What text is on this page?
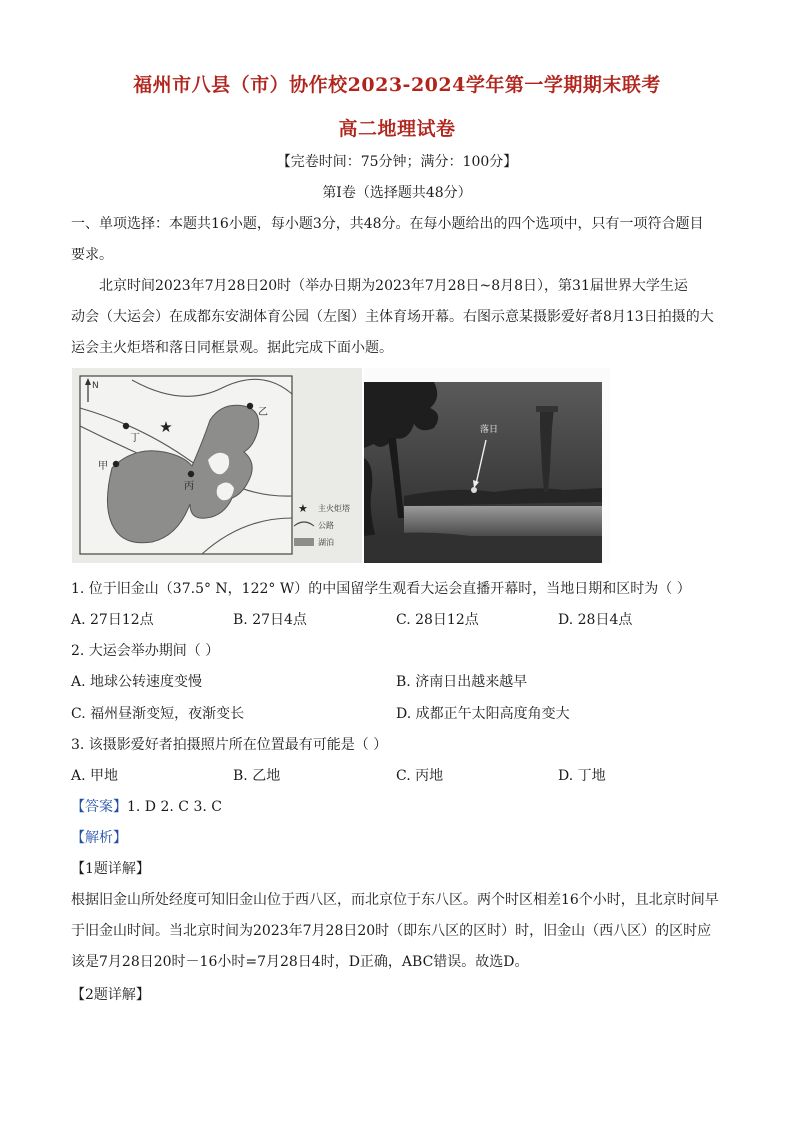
福州市八县（市）协作校2023-2024学年第一学期期末联考
高二地理试卷
【完卷时间：75分钟；满分：100分】
第Ⅰ卷（选择题共48分）
一、单项选择：本题共16小题，每小题3分，共48分。在每小题给出的四个选项中，只有一项符合题目
要求。
北京时间2023年7月28日20时（举办日期为2023年7月28日~8月8日），第31届世界大学生运
动会（大运会）在成都东安湖体育公园（左图）主体育场开幕。右图示意某摄影爱好者8月13日拍摄的大
运会主火炬塔和落日同框景观。据此完成下面小题。
N
★
丁
甲
丙
乙
★ 主火炬塔
公路
湖泊
落日
1. 位于旧金山（37.5° N，122° W）的中国留学生观看大运会直播开幕时，当地日期和区时为（ ）
A. 27日12点	B. 27日4点	C. 28日12点	D. 28日4点
2. 大运会举办期间（ ）
A. 地球公转速度变慢	B. 济南日出越来越早
C. 福州昼渐变短，夜渐变长	D. 成都正午太阳高度角变大
3. 该摄影爱好者拍摄照片所在位置最有可能是（ ）
A. 甲地	B. 乙地	C. 丙地	D. 丁地
【答案】1. D 2. C 3. C
【解析】
【1题详解】
根据旧金山所处经度可知旧金山位于西八区，而北京位于东八区。两个时区相差16个小时，且北京时间早
于旧金山时间。当北京时间为2023年7月28日20时（即东八区的区时）时，旧金山（西八区）的区时应
该是7月28日20时－16小时=7月28日4时，D正确，ABC错误。故选D。
【2题详解】
